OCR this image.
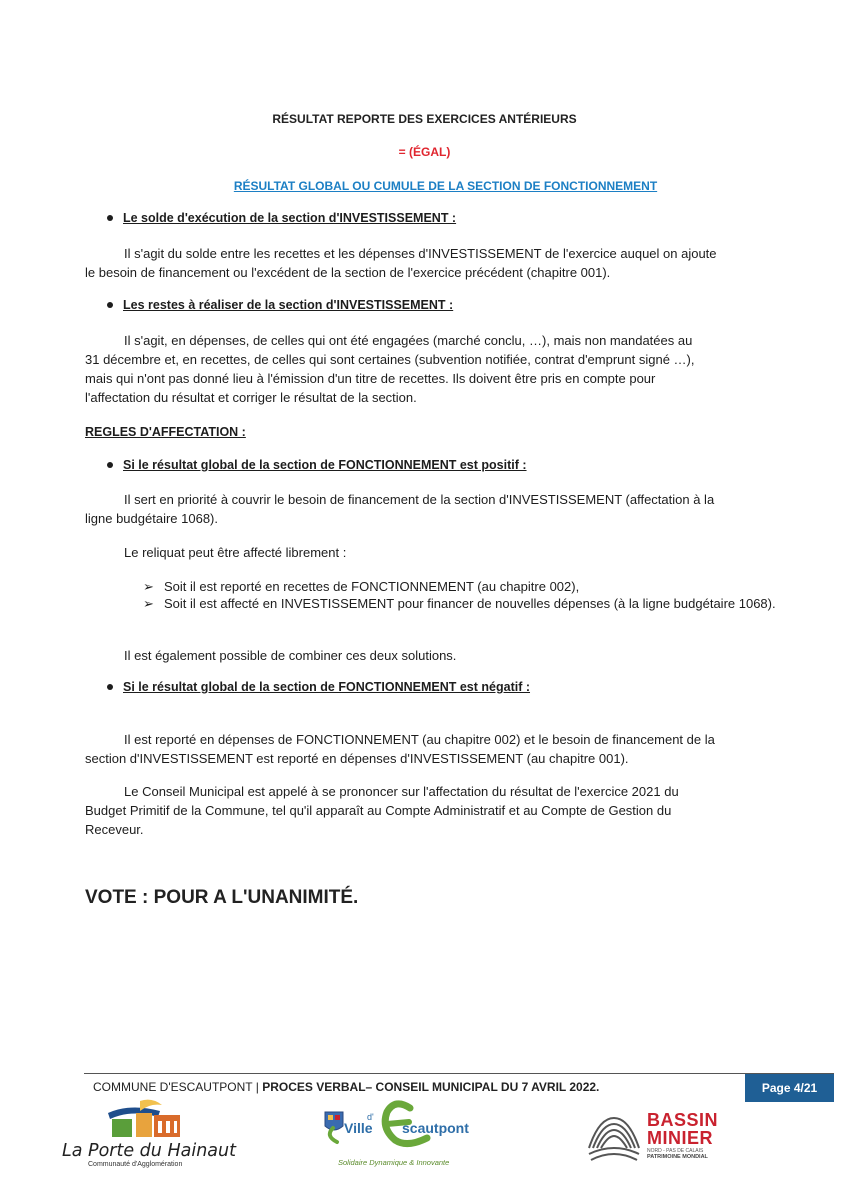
RÉSULTAT REPORTE DES EXERCICES ANTÉRIEURS
= (ÉGAL)
RÉSULTAT GLOBAL OU CUMULE DE LA SECTION DE FONCTIONNEMENT
Le solde d'exécution de la section d'INVESTISSEMENT :
Il s'agit du solde entre les recettes et les dépenses d'INVESTISSEMENT de l'exercice auquel on ajoute
le besoin de financement ou l'excédent de la section de l'exercice précédent (chapitre 001).
Les restes à réaliser de la section d'INVESTISSEMENT :
Il s'agit, en dépenses, de celles qui ont été engagées (marché conclu, …), mais non mandatées au
31 décembre et, en recettes, de celles qui sont certaines (subvention notifiée, contrat d'emprunt signé …),
mais qui n'ont pas donné lieu à l'émission d'un titre de recettes. Ils doivent être pris en compte pour
l'affectation du résultat et corriger le résultat de la section.
REGLES D'AFFECTATION :
Si le résultat global de la section de FONCTIONNEMENT est positif :
Il sert en priorité à couvrir le besoin de financement de la section d'INVESTISSEMENT (affectation à la
ligne budgétaire 1068).
Le reliquat peut être affecté librement :
➢ Soit il est reporté en recettes de FONCTIONNEMENT (au chapitre 002),
➢ Soit il est affecté en INVESTISSEMENT pour financer de nouvelles dépenses (à la ligne budgétaire 1068).
Il est également possible de combiner ces deux solutions.
Si le résultat global de la section de FONCTIONNEMENT est négatif :
Il est reporté en dépenses de FONCTIONNEMENT (au chapitre 002) et le besoin de financement de la
section d'INVESTISSEMENT est reporté en dépenses d'INVESTISSEMENT (au chapitre 001).
Le Conseil Municipal est appelé à se prononcer sur l'affectation du résultat de l'exercice 2021 du
Budget Primitif de la Commune, tel qu'il apparaît au Compte Administratif et au Compte de Gestion du
Receveur.
VOTE : POUR A L'UNANIMITÉ.
COMMUNE D'ESCAUTPONT | PROCES VERBAL– CONSEIL MUNICIPAL DU 7 AVRIL 2022.	Page 4/21
La Porte du Hainaut
Communauté d'Agglomération
d'
Ville scautpont
Solidaire Dynamique & Innovante
BASSIN
MINIER
NORD - PAS DE CALAIS
PATRIMOINE MONDIAL
